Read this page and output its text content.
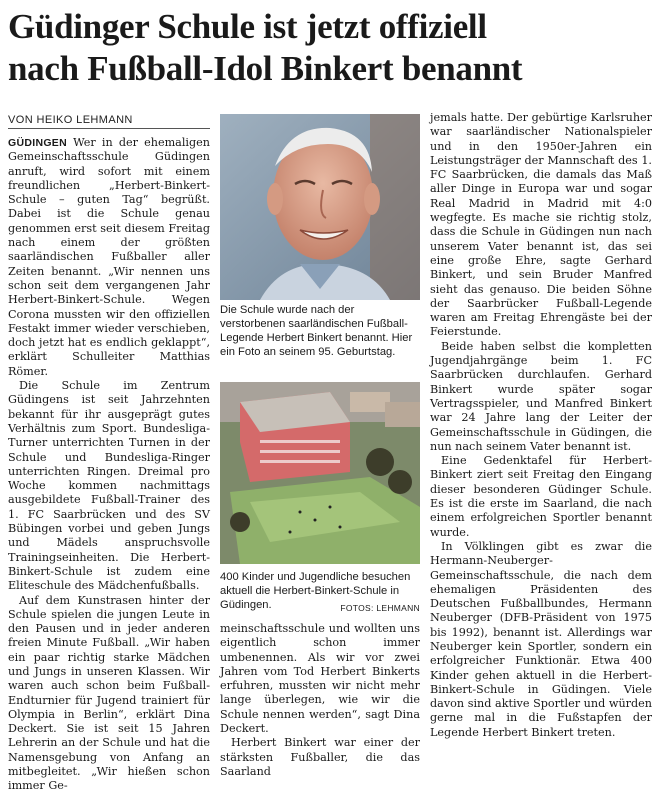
Güdinger Schule ist jetzt offiziell
nach Fußball-Idol Binkert benannt
VON HEIKO LEHMANN

GÜDINGEN Wer in der ehemaligen Gemeinschaftsschule Güdingen anruft, wird sofort mit einem freundlichen „Herbert-Binkert-Schule – guten Tag“ begrüßt. Dabei ist die Schule genau genommen erst seit diesem Freitag nach einem der größten saarländischen Fußballer aller Zeiten benannt. „Wir nennen uns schon seit dem vergangenen Jahr Herbert-Binkert-Schule. Wegen Corona mussten wir den offiziellen Festakt immer wieder verschieben, doch jetzt hat es endlich geklappt“, erklärt Schulleiter Matthias Römer.

Die Schule im Zentrum Güdingens ist seit Jahrzehnten bekannt für ihr ausgeprägt gutes Verhältnis zum Sport. Bundesliga-Turner unterrichten Turnen in der Schule und Bundesliga-Ringer unterrichten Ringen. Dreimal pro Woche kommen nachmittags ausgebildete Fußball-Trainer des 1. FC Saarbrücken und des SV Bübingen vorbei und geben Jungs und Mädels anspruchsvolle Trainingseinheiten. Die Herbert-Binkert-Schule ist zudem eine Eliteschule des Mädchenfußballs.

Auf dem Kunstrasen hinter der Schule spielen die jungen Leute in den Pausen und in jeder anderen freien Minute Fußball. „Wir haben ein paar richtig starke Mädchen und Jungs in unseren Klassen. Wir waren auch schon beim Fußball-Endturnier für Jugend trainiert für Olympia in Berlin“, erklärt Dina Deckert. Sie ist seit 15 Jahren Lehrerin an der Schule und hat die Namensgebung von Anfang an mitbegleitet. „Wir hießen schon immer Ge-

Die Schule wurde nach der verstorbenen saarländischen Fußball-Legende Herbert Binkert benannt. Hier ein Foto an seinem 95. Geburtstag.
400 Kinder und Jugendliche besuchen aktuell die Herbert-Binkert-Schule in Güdingen.	FOTOS: LEHMANN

meinschaftsschule und wollten uns eigentlich schon immer umbenennen. Als wir vor zwei Jahren vom Tod Herbert Binkerts erfuhren, mussten wir nicht mehr lange überlegen, wie wir die Schule nennen werden“, sagt Dina Deckert.

Herbert Binkert war einer der stärksten Fußballer, die das Saarland

jemals hatte. Der gebürtige Karlsruher war saarländischer Nationalspieler und in den 1950er-Jahren ein Leistungsträger der Mannschaft des 1. FC Saarbrücken, die damals das Maß aller Dinge in Europa war und sogar Real Madrid in Madrid mit 4:0 wegfegte. Es mache sie richtig stolz, dass die Schule in Güdingen nun nach unserem Vater benannt ist, das sei eine große Ehre, sagte Gerhard Binkert, und sein Bruder Manfred sieht das genauso. Die beiden Söhne der Saarbrücker Fußball-Legende waren am Freitag Ehrengäste bei der Feierstunde.

Beide haben selbst die kompletten Jugendjahrgänge beim 1. FC Saarbrücken durchlaufen. Gerhard Binkert wurde später sogar Vertragsspieler, und Manfred Binkert war 24 Jahre lang der Leiter der Gemeinschaftsschule in Güdingen, die nun nach seinem Vater benannt ist.

Eine Gedenktafel für Herbert-Binkert ziert seit Freitag den Eingang dieser besonderen Güdinger Schule. Es ist die erste im Saarland, die nach einem erfolgreichen Sportler benannt wurde.

In Völklingen gibt es zwar die Hermann-Neuberger-Gemeinschaftsschule, die nach dem ehemaligen Präsidenten des Deutschen Fußballbundes, Hermann Neuberger (DFB-Präsident von 1975 bis 1992), benannt ist. Allerdings war Neuberger kein Sportler, sondern ein erfolgreicher Funktionär. Etwa 400 Kinder gehen aktuell in die Herbert-Binkert-Schule in Güdingen. Viele davon sind aktive Sportler und würden gerne mal in die Fußstapfen der Legende Herbert Binkert treten.
